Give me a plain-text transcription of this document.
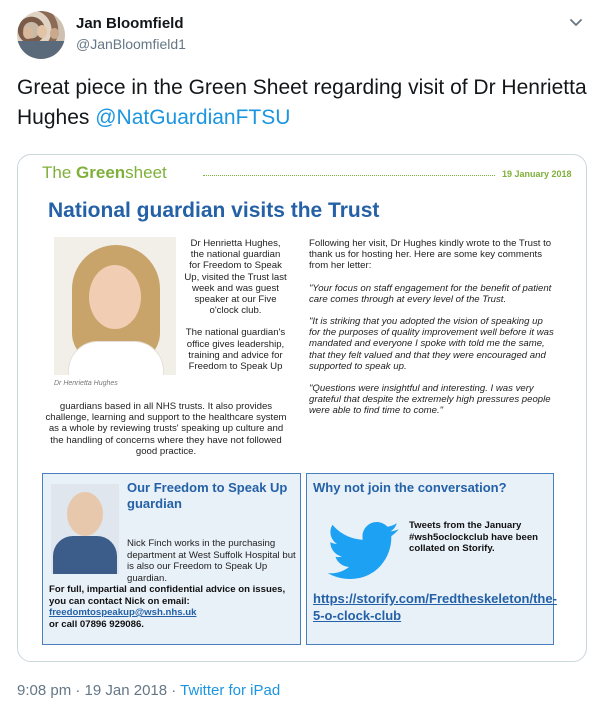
Jan Bloomfield
@JanBloomfield1
Great piece in the Green Sheet regarding visit of Dr Henrietta Hughes @NatGuardianFTSU
The Greensheet	19 January 2018
National guardian visits the Trust
Dr Henrietta Hughes

Dr Henrietta Hughes, the national guardian for Freedom to Speak Up, visited the Trust last week and was guest speaker at our Five o'clock club.

The national guardian's office gives leadership, training and advice for Freedom to Speak Up

guardians based in all NHS trusts. It also provides challenge, learning and support to the healthcare system as a whole by reviewing trusts' speaking up culture and the handling of concerns where they have not followed good practice.

Following her visit, Dr Hughes kindly wrote to the Trust to thank us for hosting her. Here are some key comments from her letter:

"Your focus on staff engagement for the benefit of patient care comes through at every level of the Trust.

"It is striking that you adopted the vision of speaking up for the purposes of quality improvement well before it was mandated and everyone I spoke with told me the same, that they felt valued and that they were encouraged and supported to speak up.

"Questions were insightful and interesting. I was very grateful that despite the extremely high pressures people were able to find time to come."

Our Freedom to Speak Up guardian
Nick Finch works in the purchasing department at West Suffolk Hospital but is also our Freedom to Speak Up guardian.
For full, impartial and confidential advice on issues, you can contact Nick on email:
freedomtospeakup@wsh.nhs.uk
or call 07896 929086.
Why not join the conversation?
Tweets from the January #wsh5oclockclub have been collated on Storify.
https://storify.com/Fredtheskeleton/the-5-o-clock-club
9:08 pm · 19 Jan 2018 · Twitter for iPad
